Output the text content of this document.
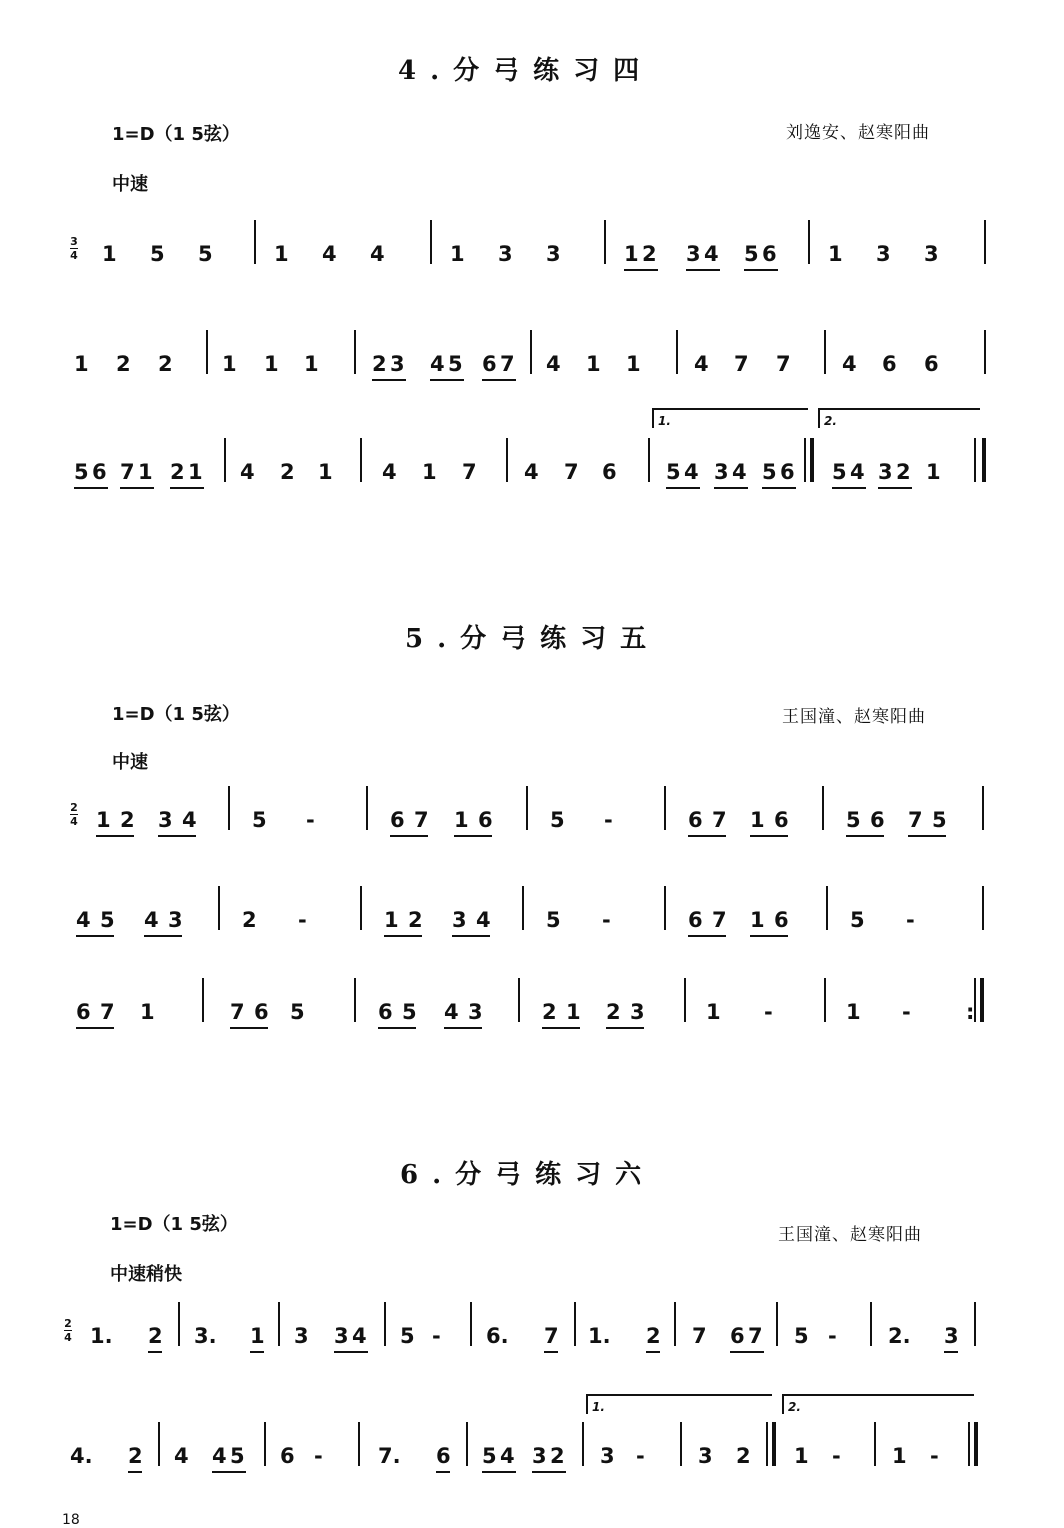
4.分弓练习四
1=D（1 5弦）	刘逸安、赵寒阳曲
中速
3
4 1 5 5	1 4 4	1 3 3	1 2 3 4 5 6 1 3 3
1 2 2 1 1 1	2 3 4 5 6 7 4 1 1	4 7 7 4 6 6
5 6 7 1 2 1 4 2 1 4 1 7 4 7 6
1.
5 4 3 4 5 6
2.
5 4 3 2 1
5.分弓练习五
1=D（1 5弦）	王国潼、赵寒阳曲
中速
2
4 1 2 3 4	5 -	6 7 1 6	5 -	6 7 1 6	5 6 7 5
4 5 4 3	2 -	1 2 3 4	5 -	6 7 1 6	5 -
6 7 1	7 6 5	6 5 4 3	2 1 2 3	1 -	1 -	:
6.分弓练习六
1=D（1 5弦）	王国潼、赵寒阳曲
中速稍快
2
4 1. 2 3. 1 3 3 4 5 - 6. 7 1. 2 7 6 7 5 - 2. 3
4. 2 4 4 5 6 -	7. 6 5 4 3 2
1.
3 -	3 2
2.
1 - 1 -
18
